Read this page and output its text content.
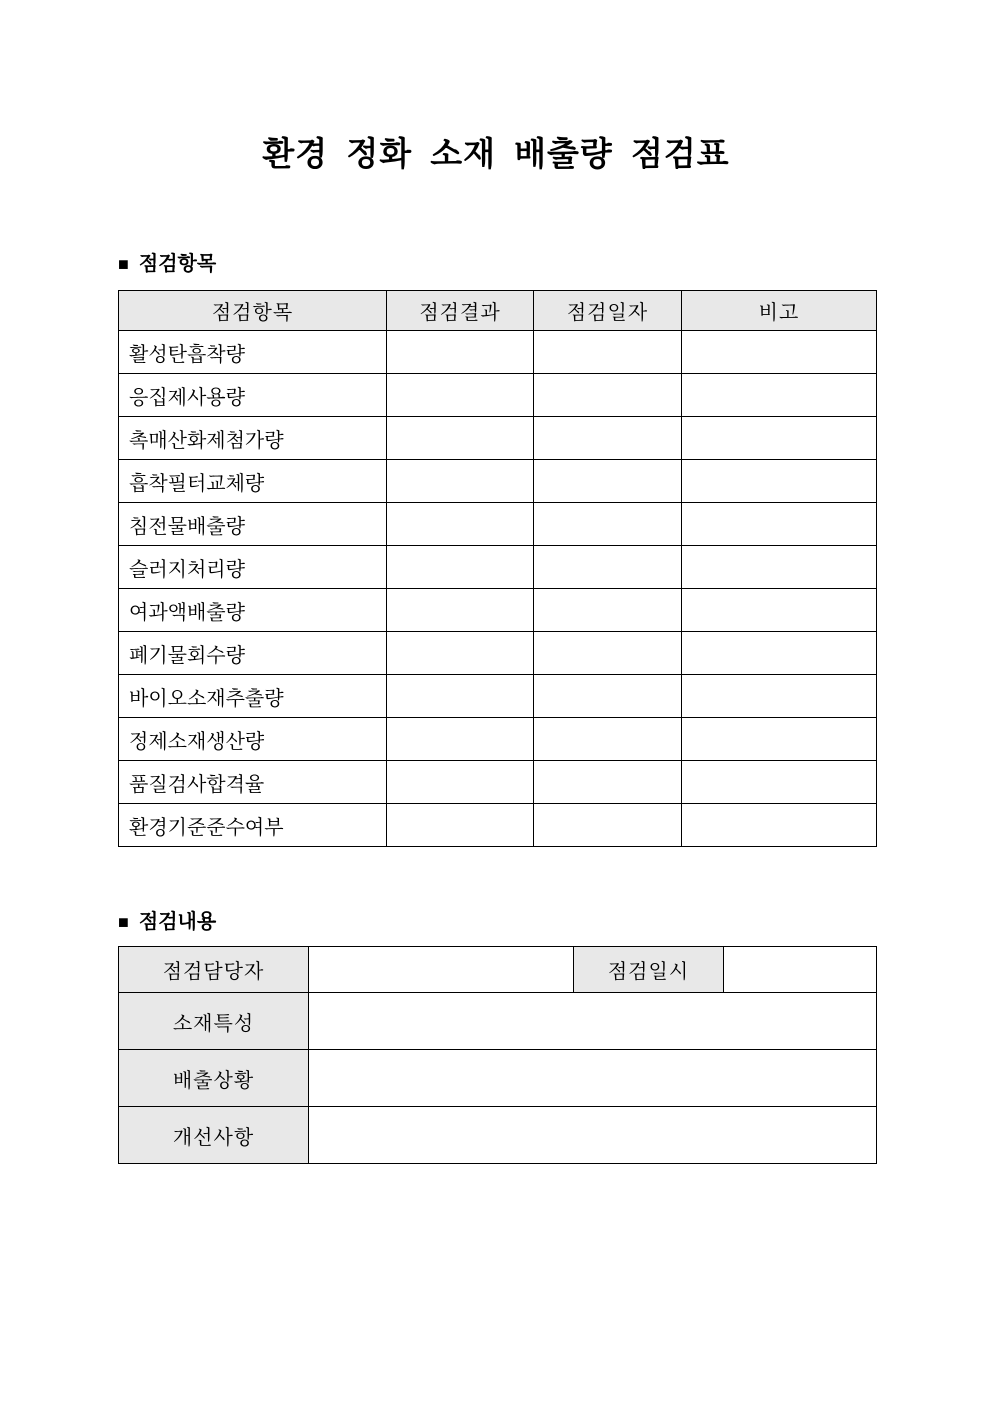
환경 정화 소재 배출량 점검표
■ 점검항목
점검항목	점검결과	점검일자	비고
활성탄흡착량			
응집제사용량			
촉매산화제첨가량			
흡착필터교체량			
침전물배출량			
슬러지처리량			
여과액배출량			
폐기물회수량			
바이오소재추출량			
정제소재생산량			
품질검사합격율			
환경기준준수여부			
■ 점검내용
점검담당자		점검일시	
소재특성			
배출상황			
개선사항			
